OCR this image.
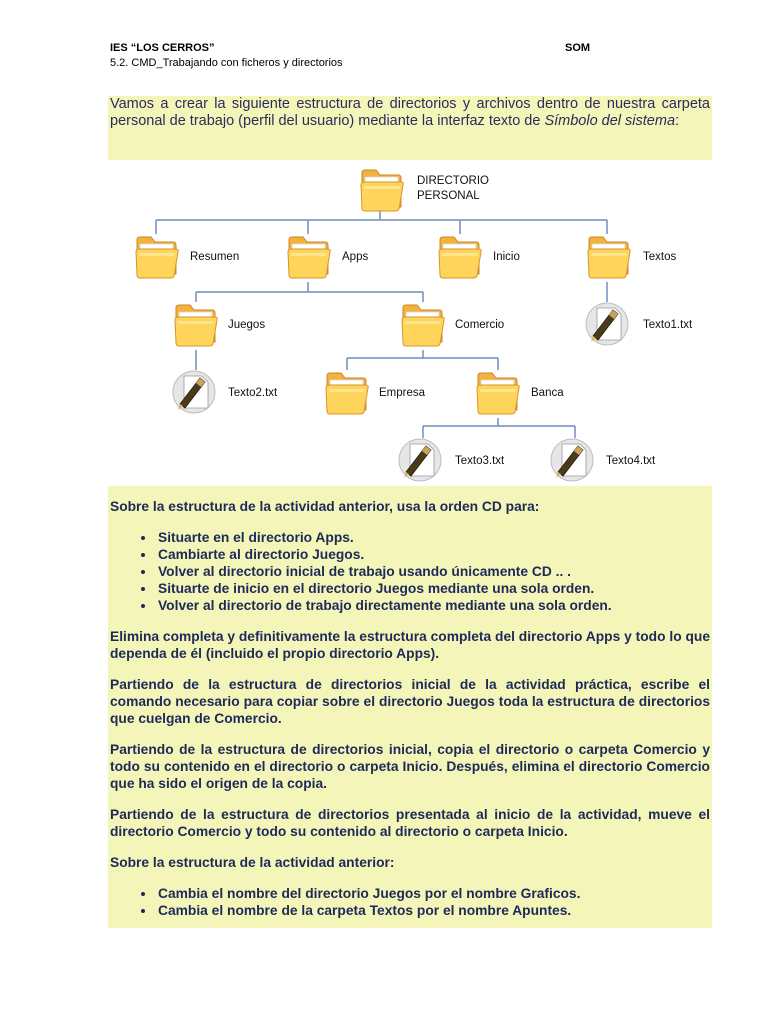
IES “LOS CERROS”	SOM
5.2. CMD_Trabajando con ficheros y directorios
Vamos a crear la siguiente estructura de directorios y archivos dentro de nuestra carpeta personal de trabajo (perfil del usuario) mediante la interfaz texto de Símbolo del sistema:
DIRECTORIO
PERSONAL
Resumen	Apps	Inicio	Textos
Juegos	Comercio	Texto1.txt
Texto2.txt	Empresa	Banca
Texto3.txt	Texto4.txt

Sobre la estructura de la actividad anterior, usa la orden CD para:

• Situarte en el directorio Apps.
• Cambiarte al directorio Juegos.
• Volver al directorio inicial de trabajo usando únicamente CD .. .
• Situarte de inicio en el directorio Juegos mediante una sola orden.
• Volver al directorio de trabajo directamente mediante una sola orden.

Elimina completa y definitivamente la estructura completa del directorio Apps y todo lo que dependa de él (incluido el propio directorio Apps).

Partiendo de la estructura de directorios inicial de la actividad práctica, escribe el comando necesario para copiar sobre el directorio Juegos toda la estructura de directorios que cuelgan de Comercio.

Partiendo de la estructura de directorios inicial, copia el directorio o carpeta Comercio y todo su contenido en el directorio o carpeta Inicio. Después, elimina el directorio Comercio que ha sido el origen de la copia.

Partiendo de la estructura de directorios presentada al inicio de la actividad, mueve el directorio Comercio y todo su contenido al directorio o carpeta Inicio.

Sobre la estructura de la actividad anterior:

• Cambia el nombre del directorio Juegos por el nombre Graficos.
• Cambia el nombre de la carpeta Textos por el nombre Apuntes.
